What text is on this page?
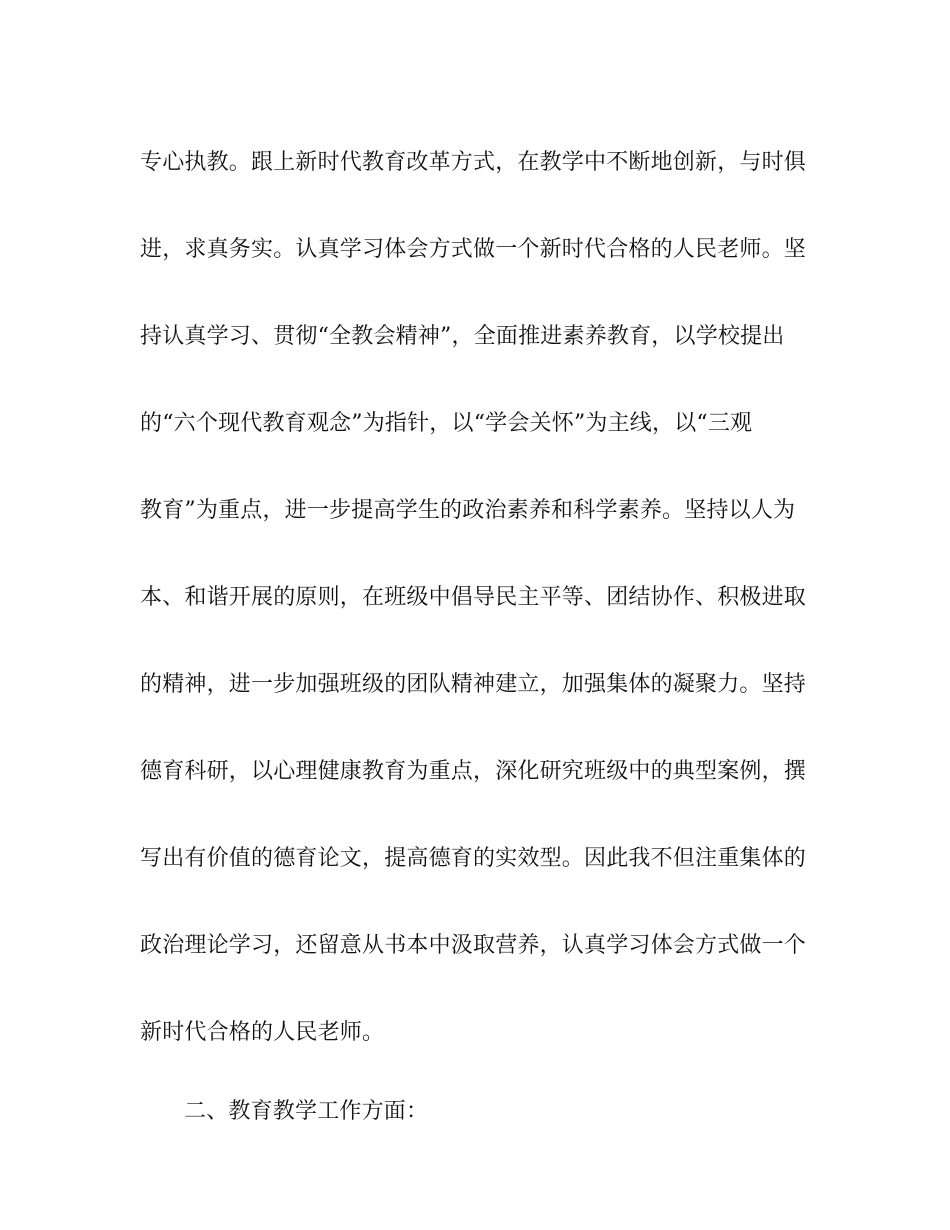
专心执教。跟上新时代教育改革方式，在教学中不断地创新，与时俱
进，求真务实。认真学习体会方式做一个新时代合格的人民老师。坚
持认真学习、贯彻“全教会精神”，全面推进素养教育，以学校提出
的“六个现代教育观念”为指针，以“学会关怀”为主线，以“三观
教育”为重点，进一步提高学生的政治素养和科学素养。坚持以人为
本、和谐开展的原则，在班级中倡导民主平等、团结协作、积极进取
的精神，进一步加强班级的团队精神建立，加强集体的凝聚力。坚持
德育科研，以心理健康教育为重点，深化研究班级中的典型案例，撰
写出有价值的德育论文，提高德育的实效型。因此我不但注重集体的
政治理论学习，还留意从书本中汲取营养，认真学习体会方式做一个
新时代合格的人民老师。
二、教育教学工作方面：
